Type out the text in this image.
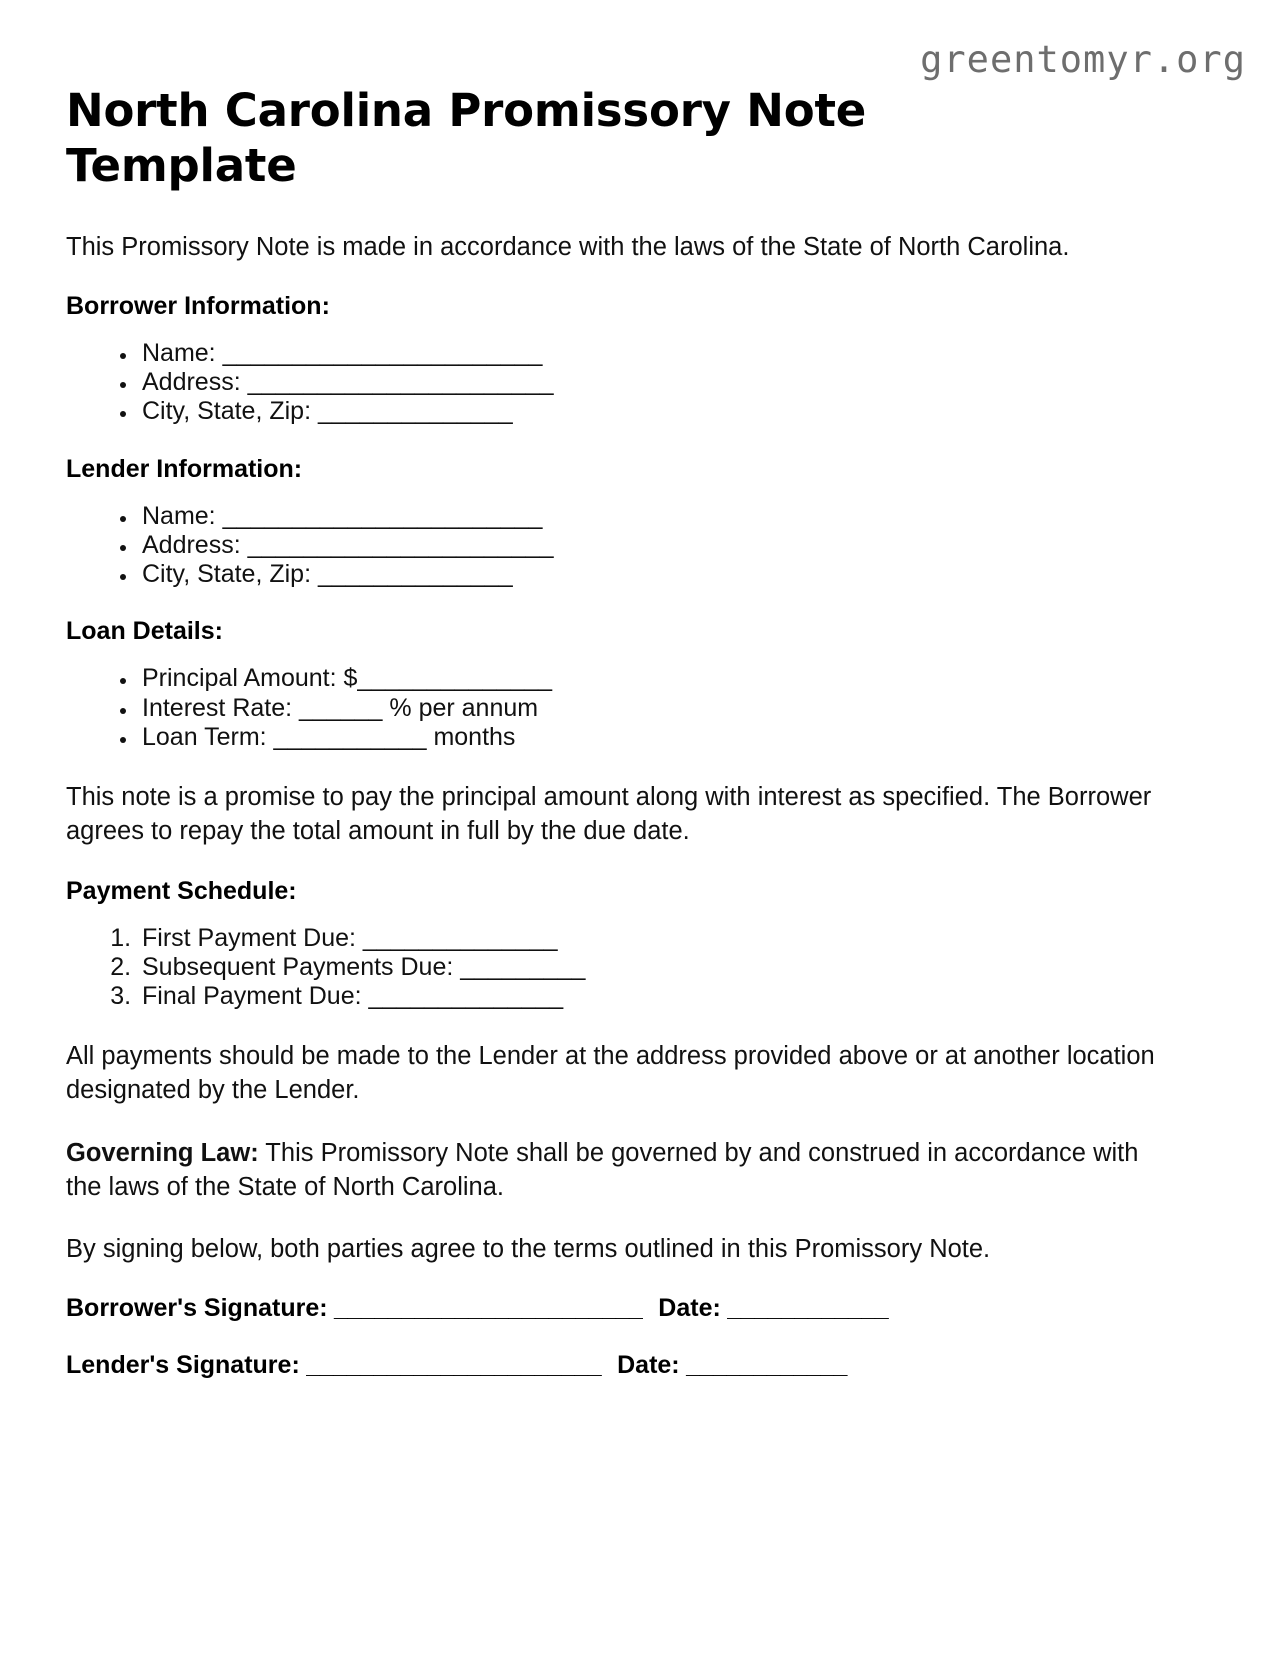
greentomyr.org
North Carolina Promissory Note Template

This Promissory Note is made in accordance with the laws of the State of North Carolina.

Borrower Information:
• Name: _______________________
• Address: ______________________
• City, State, Zip: ______________
Lender Information:
• Name: _______________________
• Address: ______________________
• City, State, Zip: ______________
Loan Details:
• Principal Amount: $______________
• Interest Rate: ______ % per annum
• Loan Term: ___________ months

This note is a promise to pay the principal amount along with interest as specified. The Borrower agrees to repay the total amount in full by the due date.

Payment Schedule:
1. First Payment Due: ______________
2. Subsequent Payments Due: _________
3. Final Payment Due: ______________

All payments should be made to the Lender at the address provided above or at another location designated by the Lender.

Governing Law: This Promissory Note shall be governed by and construed in accordance with the laws of the State of North Carolina.

By signing below, both parties agree to the terms outlined in this Promissory Note.

Borrower's Signature: _______________________ Date: ____________
Lender's Signature: ______________________ Date: ____________
